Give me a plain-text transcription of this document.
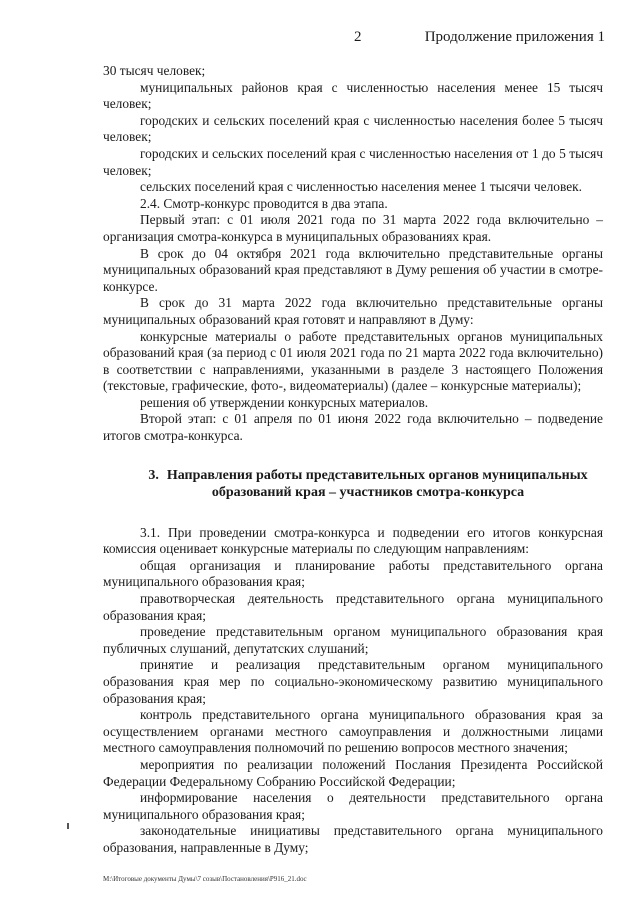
2	Продолжение приложения 1

30 тысяч человек;

муниципальных районов края с численностью населения менее 15 тысяч человек;

городских и сельских поселений края с численностью населения более 5 тысяч человек;

городских и сельских поселений края с численностью населения от 1 до 5 тысяч человек;

сельских поселений края с численностью населения менее 1 тысячи человек.

2.4. Смотр-конкурс проводится в два этапа.

Первый этап: с 01 июля 2021 года по 31 марта 2022 года включительно – организация смотра-конкурса в муниципальных образованиях края.

В срок до 04 октября 2021 года включительно представительные органы муниципальных образований края представляют в Думу решения об участии в смотре-конкурсе.

В срок до 31 марта 2022 года включительно представительные органы муниципальных образований края готовят и направляют в Думу:

конкурсные материалы о работе представительных органов муниципальных образований края (за период с 01 июля 2021 года по 21 марта 2022 года включительно) в соответствии с направлениями, указанными в разделе 3 настоящего Положения (текстовые, графические, фото-, видеоматериалы) (далее – конкурсные материалы);

решения об утверждении конкурсных материалов.

Второй этап: с 01 апреля по 01 июня 2022 года включительно – подведение итогов смотра-конкурса.

3. Направления работы представительных органов муниципальных образований края – участников смотра-конкурса

3.1. При проведении смотра-конкурса и подведении его итогов конкурсная комиссия оценивает конкурсные материалы по следующим направлениям:

общая организация и планирование работы представительного органа муниципального образования края;

правотворческая деятельность представительного органа муниципального образования края;

проведение представительным органом муниципального образования края публичных слушаний, депутатских слушаний;

принятие и реализация представительным органом муниципального образования края мер по социально-экономическому развитию муниципального образования края;

контроль представительного органа муниципального образования края за осуществлением органами местного самоуправления и должностными лицами местного самоуправления полномочий по решению вопросов местного значения;

мероприятия по реализации положений Послания Президента Российской Федерации Федеральному Собранию Российской Федерации;

информирование населения о деятельности представительного органа муниципального образования края;

законодательные инициативы представительного органа муниципального образования, направленные в Думу;

M:\Итоговые документы Думы\7 созыв\Постановления\Р916_21.doc
